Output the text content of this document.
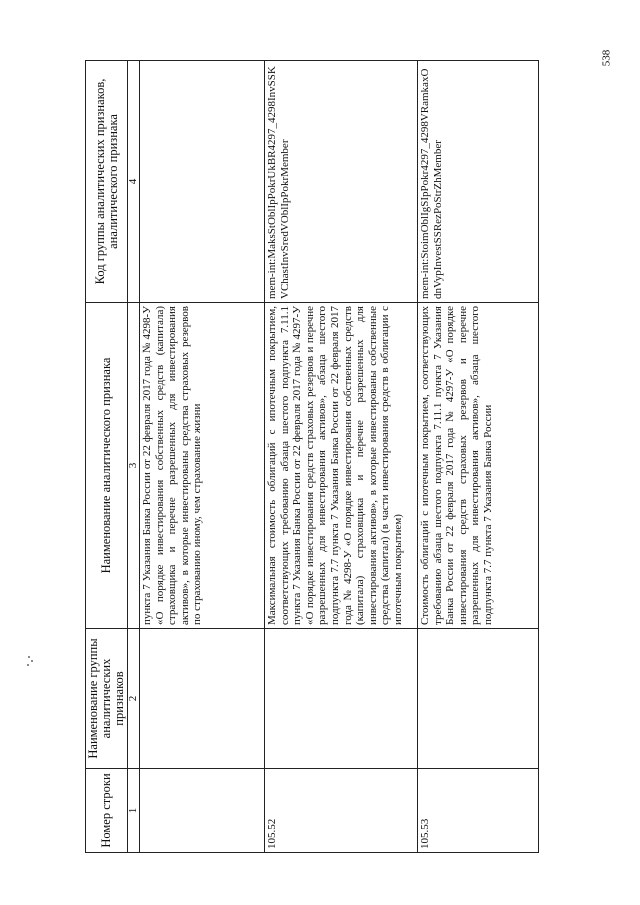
Номер строки	Наименование группы аналитических признаков	Наименование аналитического признака	Код группы аналитических признаков, аналитического признака
1	2	3	4
		пункта 7 Указания Банка России от 22 февраля 2017 года № 4298-У «О порядке инвестирования собственных средств (капитала) страховщика и перечне разрешенных для инвестирования активов», в которые инвестированы средства страховых резервов по страхованию иному, чем страхование жизни	
105.52		Максимальная стоимость облигаций с ипотечным покрытием, соответствующих требованию абзаца шестого подпункта 7.11.1 пункта 7 Указания Банка России от 22 февраля 2017 года № 4297-У «О порядке инвестирования средств страховых резервов и перечне разрешенных для инвестирования активов», абзаца шестого подпункта 7.7 пункта 7 Указания Банка России от 22 февраля 2017 года № 4298-У «О порядке инвестирования собственных средств (капитала) страховщика и перечне разрешенных для инвестирования активов», в которые инвестированы собственные средства (капитал) (в части инвестирования средств в облигации с ипотечным покрытием)	mem-int:MaksStOblIpPokrUkBR4297_4298InvSSKVChastInvSredVOblIpPokrMember
105.53		Стоимость облигаций с ипотечным покрытием, соответствующих требованию абзаца шестого подпункта 7.11.1 пункта 7 Указания Банка России от 22 февраля 2017 года № 4297-У «О порядке инвестирования средств страховых резервов и перечне разрешенных для инвестирования активов», абзаца шестого подпункта 7.7 пункта 7 Указания Банка России	mem-int:StoimOblIgSIpPokr4297_4298VRamkaxOdnVypInvestSSRezPoStrZhMember
538
